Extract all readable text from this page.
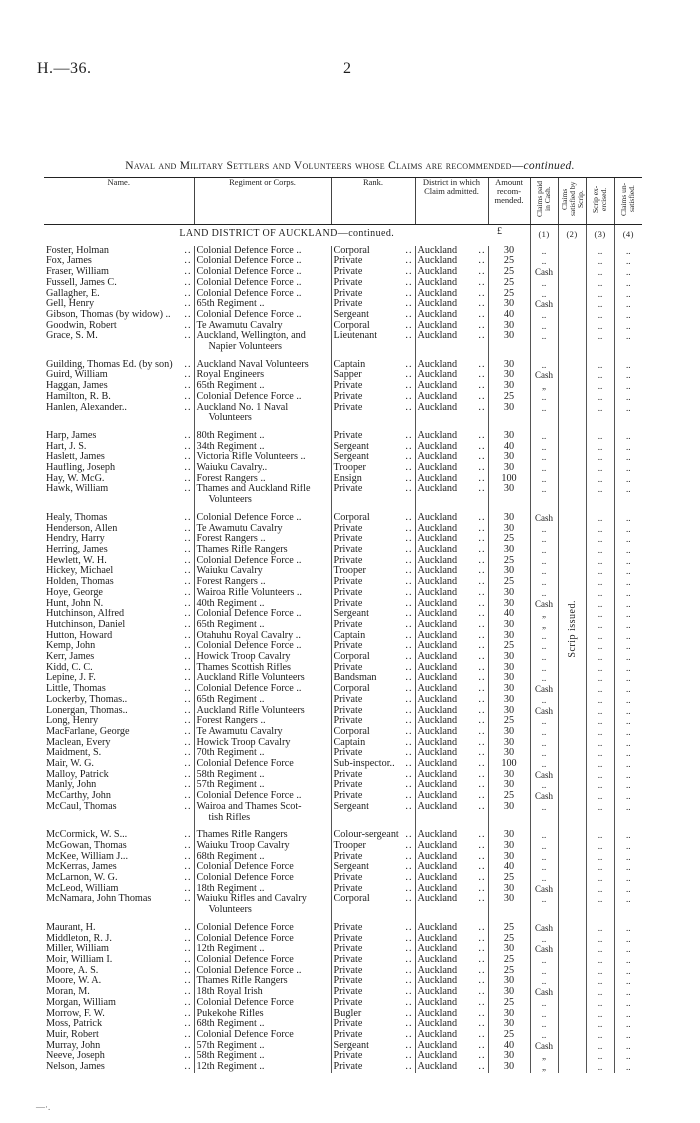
H.—36.	2
Naval and Military Settlers and Volunteers whose Claims are recommended—continued.
Name.	Regiment or Corps.	Rank.	District in which Claim admitted.	Amount recom-mended.	Claims paid in Cash.	Claims satisfied by Scrip.	Scrip ex-ercised.	Claims un-satisfied.
LAND DISTRICT OF AUCKLAND—continued.					(1)	(2)	(3)	(4)
Foster, Holman ..	Colonial Defence Force ..	Corporal ..	Auckland ..	30	..		..	..
Fox, James ..	Colonial Defence Force ..	Private ..	Auckland ..	25	..		..	..
Fraser, William ..	Colonial Defence Force ..	Private ..	Auckland ..	25	Cash		..	..
Fussell, James C. ..	Colonial Defence Force ..	Private ..	Auckland ..	25	..		..	..
Gallagher, E. ..	Colonial Defence Force ..	Private ..	Auckland ..	25	..		..	..
Gell, Henry ..	65th Regiment ..	Private ..	Auckland ..	30	Cash		..	..
Gibson, Thomas (by widow) .. ..	Colonial Defence Force ..	Sergeant ..	Auckland ..	40	..		..	..
Goodwin, Robert ..	Te Awamutu Cavalry	Corporal ..	Auckland ..	30	..		..	..
Grace, S. M. ..	Auckland, Wellington, and	Lieutenant ..	Auckland ..	30	..		..	..
	Napier Volunteers							

Guilding, Thomas Ed. (by son) ..	Auckland Naval Volunteers	Captain ..	Auckland ..	30	..		..	..
Guird, William ..	Royal Engineers	Sapper ..	Auckland ..	30	Cash		..	..
Haggan, James ..	65th Regiment ..	Private ..	Auckland ..	30	„		..	..
Hamilton, R. B. ..	Colonial Defence Force ..	Private ..	Auckland ..	25	..		..	..
Hanlen, Alexander.. ..	Auckland No. 1 Naval	Private ..	Auckland ..	30	..		..	..
	Volunteers							

Harp, James ..	80th Regiment ..	Private ..	Auckland ..	30	..		..	..
Hart, J. S. ..	34th Regiment ..	Sergeant ..	Auckland ..	40	..		..	..
Haslett, James ..	Victoria Rifle Volunteers ..	Sergeant ..	Auckland ..	30	..		..	..
Haufling, Joseph ..	Waiuku Cavalry..	Trooper ..	Auckland ..	30	..		..	..
Hay, W. McG. ..	Forest Rangers ..	Ensign ..	Auckland ..	100	..		..	..
Hawk, William ..	Thames and Auckland Rifle	Private ..	Auckland ..	30	..		..	..
	Volunteers							

Healy, Thomas ..	Colonial Defence Force ..	Corporal ..	Auckland ..	30	Cash		..	..
Henderson, Allen ..	Te Awamutu Cavalry	Private ..	Auckland ..	30	..		..	..
Hendry, Harry ..	Forest Rangers ..	Private ..	Auckland ..	25	..		..	..
Herring, James ..	Thames Rifle Rangers	Private ..	Auckland ..	30	..		..	..
Hewlett, W. H. ..	Colonial Defence Force ..	Private ..	Auckland ..	25	..		..	..
Hickey, Michael ..	Waiuku Cavalry	Trooper ..	Auckland ..	30	..		..	..
Holden, Thomas ..	Forest Rangers ..	Private ..	Auckland ..	25	..		..	..
Hoye, George ..	Wairoa Rifle Volunteers ..	Private ..	Auckland ..	30	..		..	..
Hunt, John N. ..	40th Regiment ..	Private ..	Auckland ..	30	Cash		..	..
Hutchinson, Alfred ..	Colonial Defence Force ..	Sergeant ..	Auckland ..	40	„		..	..
Hutchinson, Daniel ..	65th Regiment ..	Private ..	Auckland ..	30	„		..	..
Hutton, Howard ..	Otahuhu Royal Cavalry ..	Captain ..	Auckland ..	30	..		..	..
Kemp, John ..	Colonial Defence Force ..	Private ..	Auckland ..	25	..		..	..
Kerr, James ..	Howick Troop Cavalry	Corporal ..	Auckland ..	30	..		..	..
Kidd, C. C. ..	Thames Scottish Rifles	Private ..	Auckland ..	30	..		..	..
Lepine, J. F. ..	Auckland Rifle Volunteers	Bandsman ..	Auckland ..	30	..		..	..
Little, Thomas ..	Colonial Defence Force ..	Corporal ..	Auckland ..	30	Cash		..	..
Lockerby, Thomas.. ..	65th Regiment ..	Private ..	Auckland ..	30	..		..	..
Lonergan, Thomas.. ..	Auckland Rifle Volunteers	Private ..	Auckland ..	30	Cash		..	..
Long, Henry ..	Forest Rangers ..	Private ..	Auckland ..	25	..		..	..
MacFarlane, George ..	Te Awamutu Cavalry	Corporal ..	Auckland ..	30	..		..	..
Maclean, Every ..	Howick Troop Cavalry	Captain ..	Auckland ..	30	..		..	..
Maidment, S. ..	70th Regiment ..	Private ..	Auckland ..	30	..		..	..
Mair, W. G. ..	Colonial Defence Force	Sub-inspector.. ..	Auckland ..	100	..		..	..
Malloy, Patrick ..	58th Regiment ..	Private ..	Auckland ..	30	Cash		..	..
Manly, John ..	57th Regiment ..	Private ..	Auckland ..	30	..		..	..
McCarthy, John ..	Colonial Defence Force ..	Private ..	Auckland ..	25	Cash		..	..
McCaul, Thomas ..	Wairoa and Thames Scot-	Sergeant ..	Auckland ..	30	..		..	..
	tish Rifles							

McCormick, W. S... ..	Thames Rifle Rangers	Colour-sergeant ..	Auckland ..	30	..		..	..
McGowan, Thomas ..	Waiuku Troop Cavalry	Trooper ..	Auckland ..	30	..		..	..
McKee, William J... ..	68th Regiment ..	Private ..	Auckland ..	30	..		..	..
McKerras, James ..	Colonial Defence Force	Sergeant ..	Auckland ..	40	..		..	..
McLarnon, W. G. ..	Colonial Defence Force	Private ..	Auckland ..	25	..		..	..
McLeod, William ..	18th Regiment ..	Private ..	Auckland ..	30	Cash		..	..
McNamara, John Thomas ..	Waiuku Rifles and Cavalry	Corporal ..	Auckland ..	30	..		..	..
	Volunteers							

Maurant, H. ..	Colonial Defence Force	Private ..	Auckland ..	25	Cash		..	..
Middleton, R. J. ..	Colonial Defence Force	Private ..	Auckland ..	25	..		..	..
Miller, William ..	12th Regiment ..	Private ..	Auckland ..	30	Cash		..	..
Moir, William I. ..	Colonial Defence Force	Private ..	Auckland ..	25	..		..	..
Moore, A. S. ..	Colonial Defence Force ..	Private ..	Auckland ..	25	..		..	..
Moore, W. A. ..	Thames Rifle Rangers	Private ..	Auckland ..	30	..		..	..
Moran, M. ..	18th Royal Irish	Private ..	Auckland ..	30	Cash		..	..
Morgan, William ..	Colonial Defence Force	Private ..	Auckland ..	25	..		..	..
Morrow, F. W. ..	Pukekohe Rifles	Bugler ..	Auckland ..	30	..		..	..
Moss, Patrick ..	68th Regiment ..	Private ..	Auckland ..	30	..		..	..
Muir, Robert ..	Colonial Defence Force	Private ..	Auckland ..	25	..		..	..
Murray, John ..	57th Regiment ..	Sergeant ..	Auckland ..	40	Cash		..	..
Neeve, Joseph ..	58th Regiment ..	Private ..	Auckland ..	30	„		..	..
Nelson, James ..	12th Regiment ..	Private ..	Auckland ..	30	„		..	..
Scrip issued.
—·.
£
